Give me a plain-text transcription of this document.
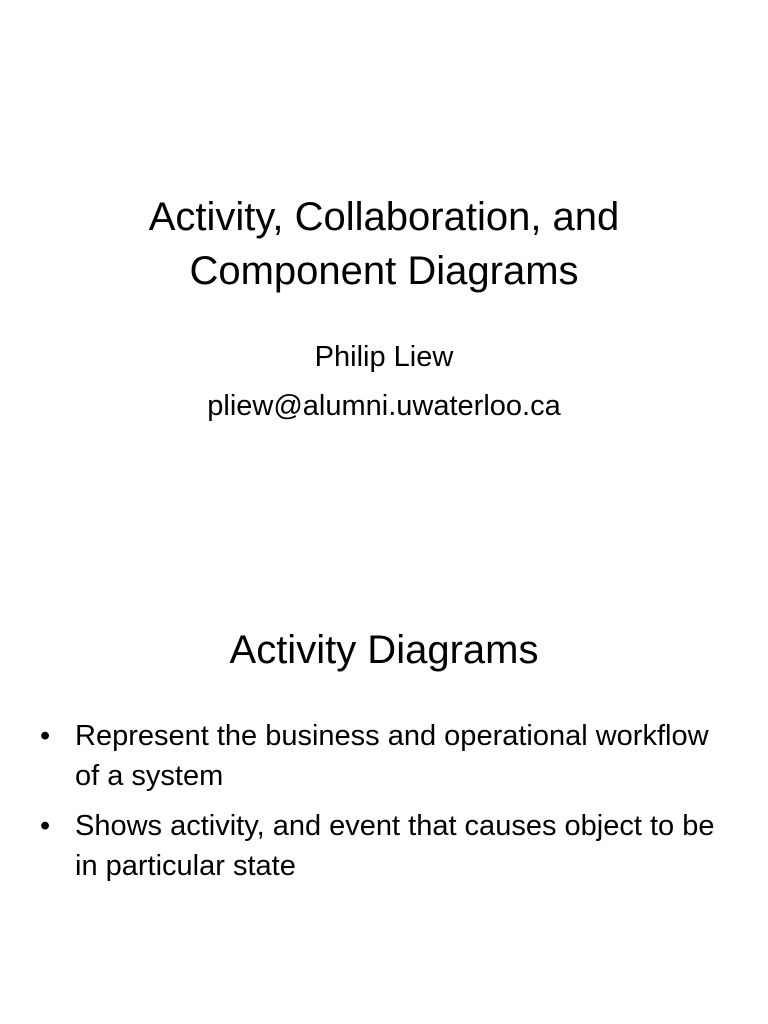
Activity, Collaboration, and
Component Diagrams
Philip Liew
pliew@alumni.uwaterloo.ca
Activity Diagrams
• Represent the business and operational workflow of a system
• Shows activity, and event that causes object to be in particular state
